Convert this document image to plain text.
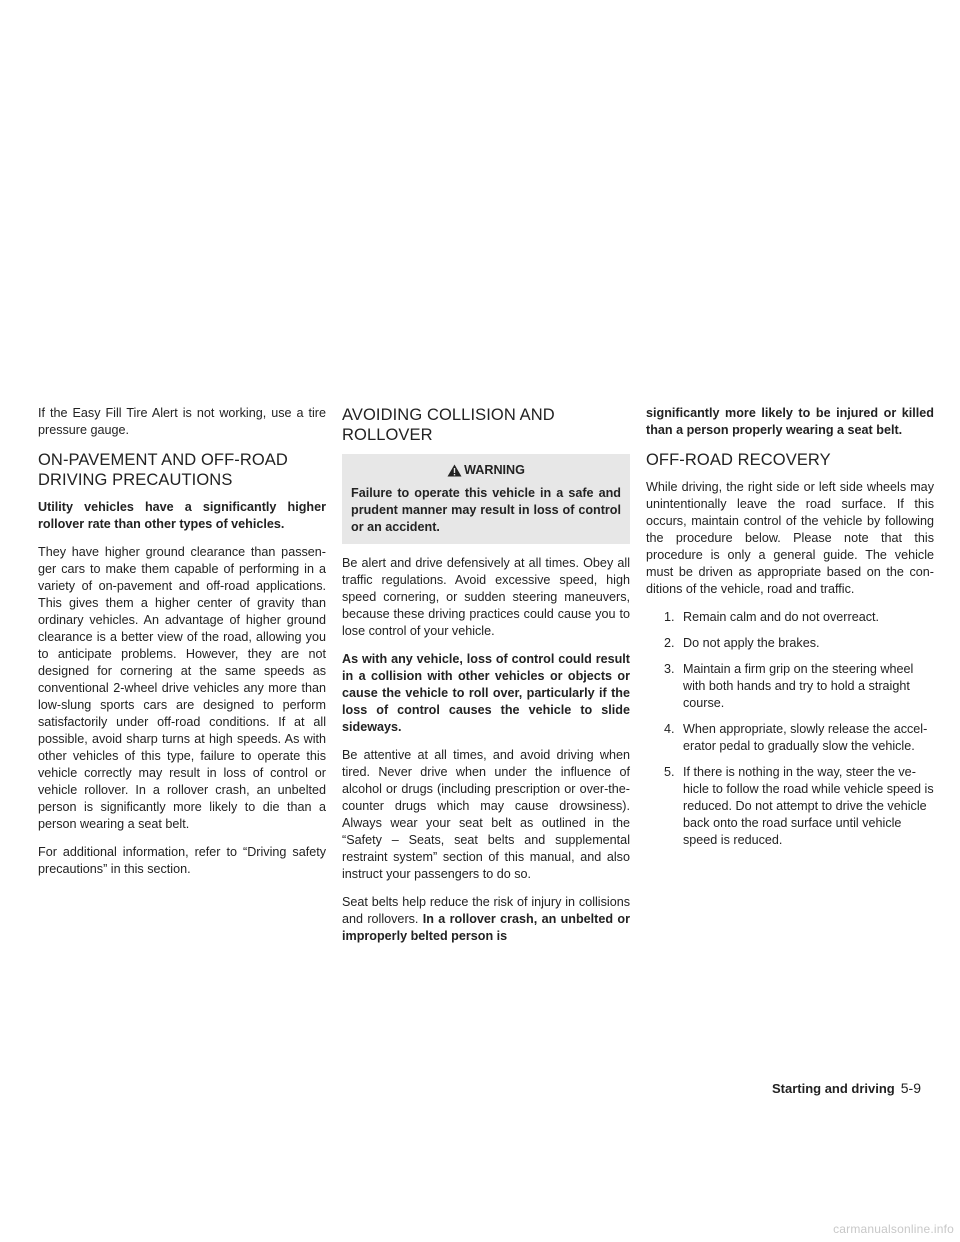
If the Easy Fill Tire Alert is not working, use a tire pressure gauge.

ON-PAVEMENT AND OFF-ROAD
DRIVING PRECAUTIONS

Utility vehicles have a significantly higher rollover rate than other types of vehicles.

They have higher ground clearance than passenger cars to make them capable of performing in a variety of on-pavement and off-road applications. This gives them a higher center of gravity than ordinary vehicles. An advantage of higher ground clearance is a better view of the road, allowing you to anticipate problems. However, they are not designed for cornering at the same speeds as conventional 2-wheel drive vehicles any more than low-slung sports cars are designed to perform satisfactorily under off-road conditions. If at all possible, avoid sharp turns at high speeds. As with other vehicles of this type, failure to operate this vehicle correctly may result in loss of control or vehicle rollover. In a rollover crash, an unbelted person is significantly more likely to die than a person wearing a seat belt.

For additional information, refer to “Driving safety precautions” in this section.

AVOIDING COLLISION AND
ROLLOVER
WARNING

Failure to operate this vehicle in a safe and prudent manner may result in loss of control or an accident.

Be alert and drive defensively at all times. Obey all traffic regulations. Avoid excessive speed, high speed cornering, or sudden steering maneuvers, because these driving practices could cause you to lose control of your vehicle.

As with any vehicle, loss of control could result in a collision with other vehicles or objects or cause the vehicle to roll over, particularly if the loss of control causes the vehicle to slide sideways.

Be attentive at all times, and avoid driving when tired. Never drive when under the influence of alcohol or drugs (including prescription or over-the-counter drugs which may cause drowsiness). Always wear your seat belt as outlined in the “Safety – Seats, seat belts and supplemental restraint system” section of this manual, and also instruct your passengers to do so.

Seat belts help reduce the risk of injury in collisions and rollovers. In a rollover crash, an unbelted or improperly belted person is

significantly more likely to be injured or killed than a person properly wearing a seat belt.

OFF-ROAD RECOVERY

While driving, the right side or left side wheels may unintentionally leave the road surface. If this occurs, maintain control of the vehicle by following the procedure below. Please note that this procedure is only a general guide. The vehicle must be driven as appropriate based on the conditions of the vehicle, road and traffic.

1. Remain calm and do not overreact.
2. Do not apply the brakes.
3. Maintain a firm grip on the steering wheel with both hands and try to hold a straight course.
4. When appropriate, slowly release the accelerator pedal to gradually slow the vehicle.
5. If there is nothing in the way, steer the vehicle to follow the road while vehicle speed is reduced. Do not attempt to drive the vehicle back onto the road surface until vehicle speed is reduced.
Starting and driving 5-9
carmanualsonline.info
